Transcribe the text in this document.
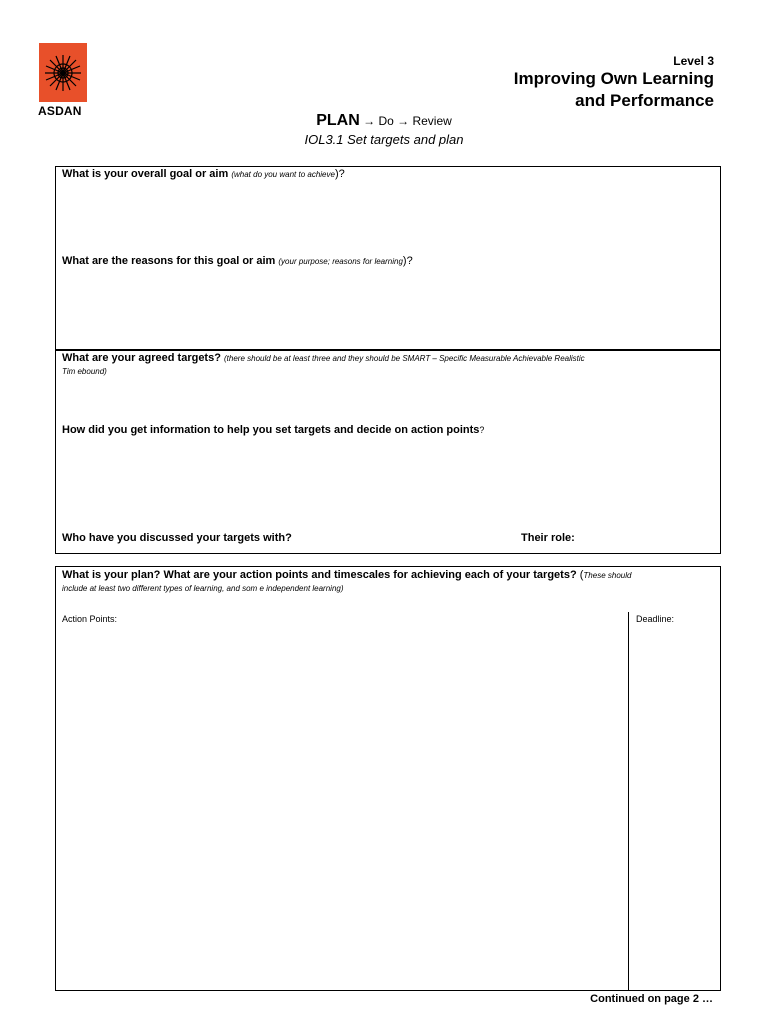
ASDAN
Level 3
Improving Own Learning
and Performance
PLAN → Do → Review
IOL3.1 Set targets and plan
What is your overall goal or aim (what do you want to achieve)?
What are the reasons for this goal or aim (your purpose; reasons for learning)?
What are your agreed targets? (there should be at least three and they should be SMART – Specific Measurable Achievable Realistic
Tim ebound)
How did you get information to help you set targets and decide on action points?
Who have you discussed your targets with?	Their role:
What is your plan? What are your action points and timescales for achieving each of your targets? (These should
include at least two different types of learning, and som e independent learning)
Action Points:	Deadline:
Continued on page 2 …
